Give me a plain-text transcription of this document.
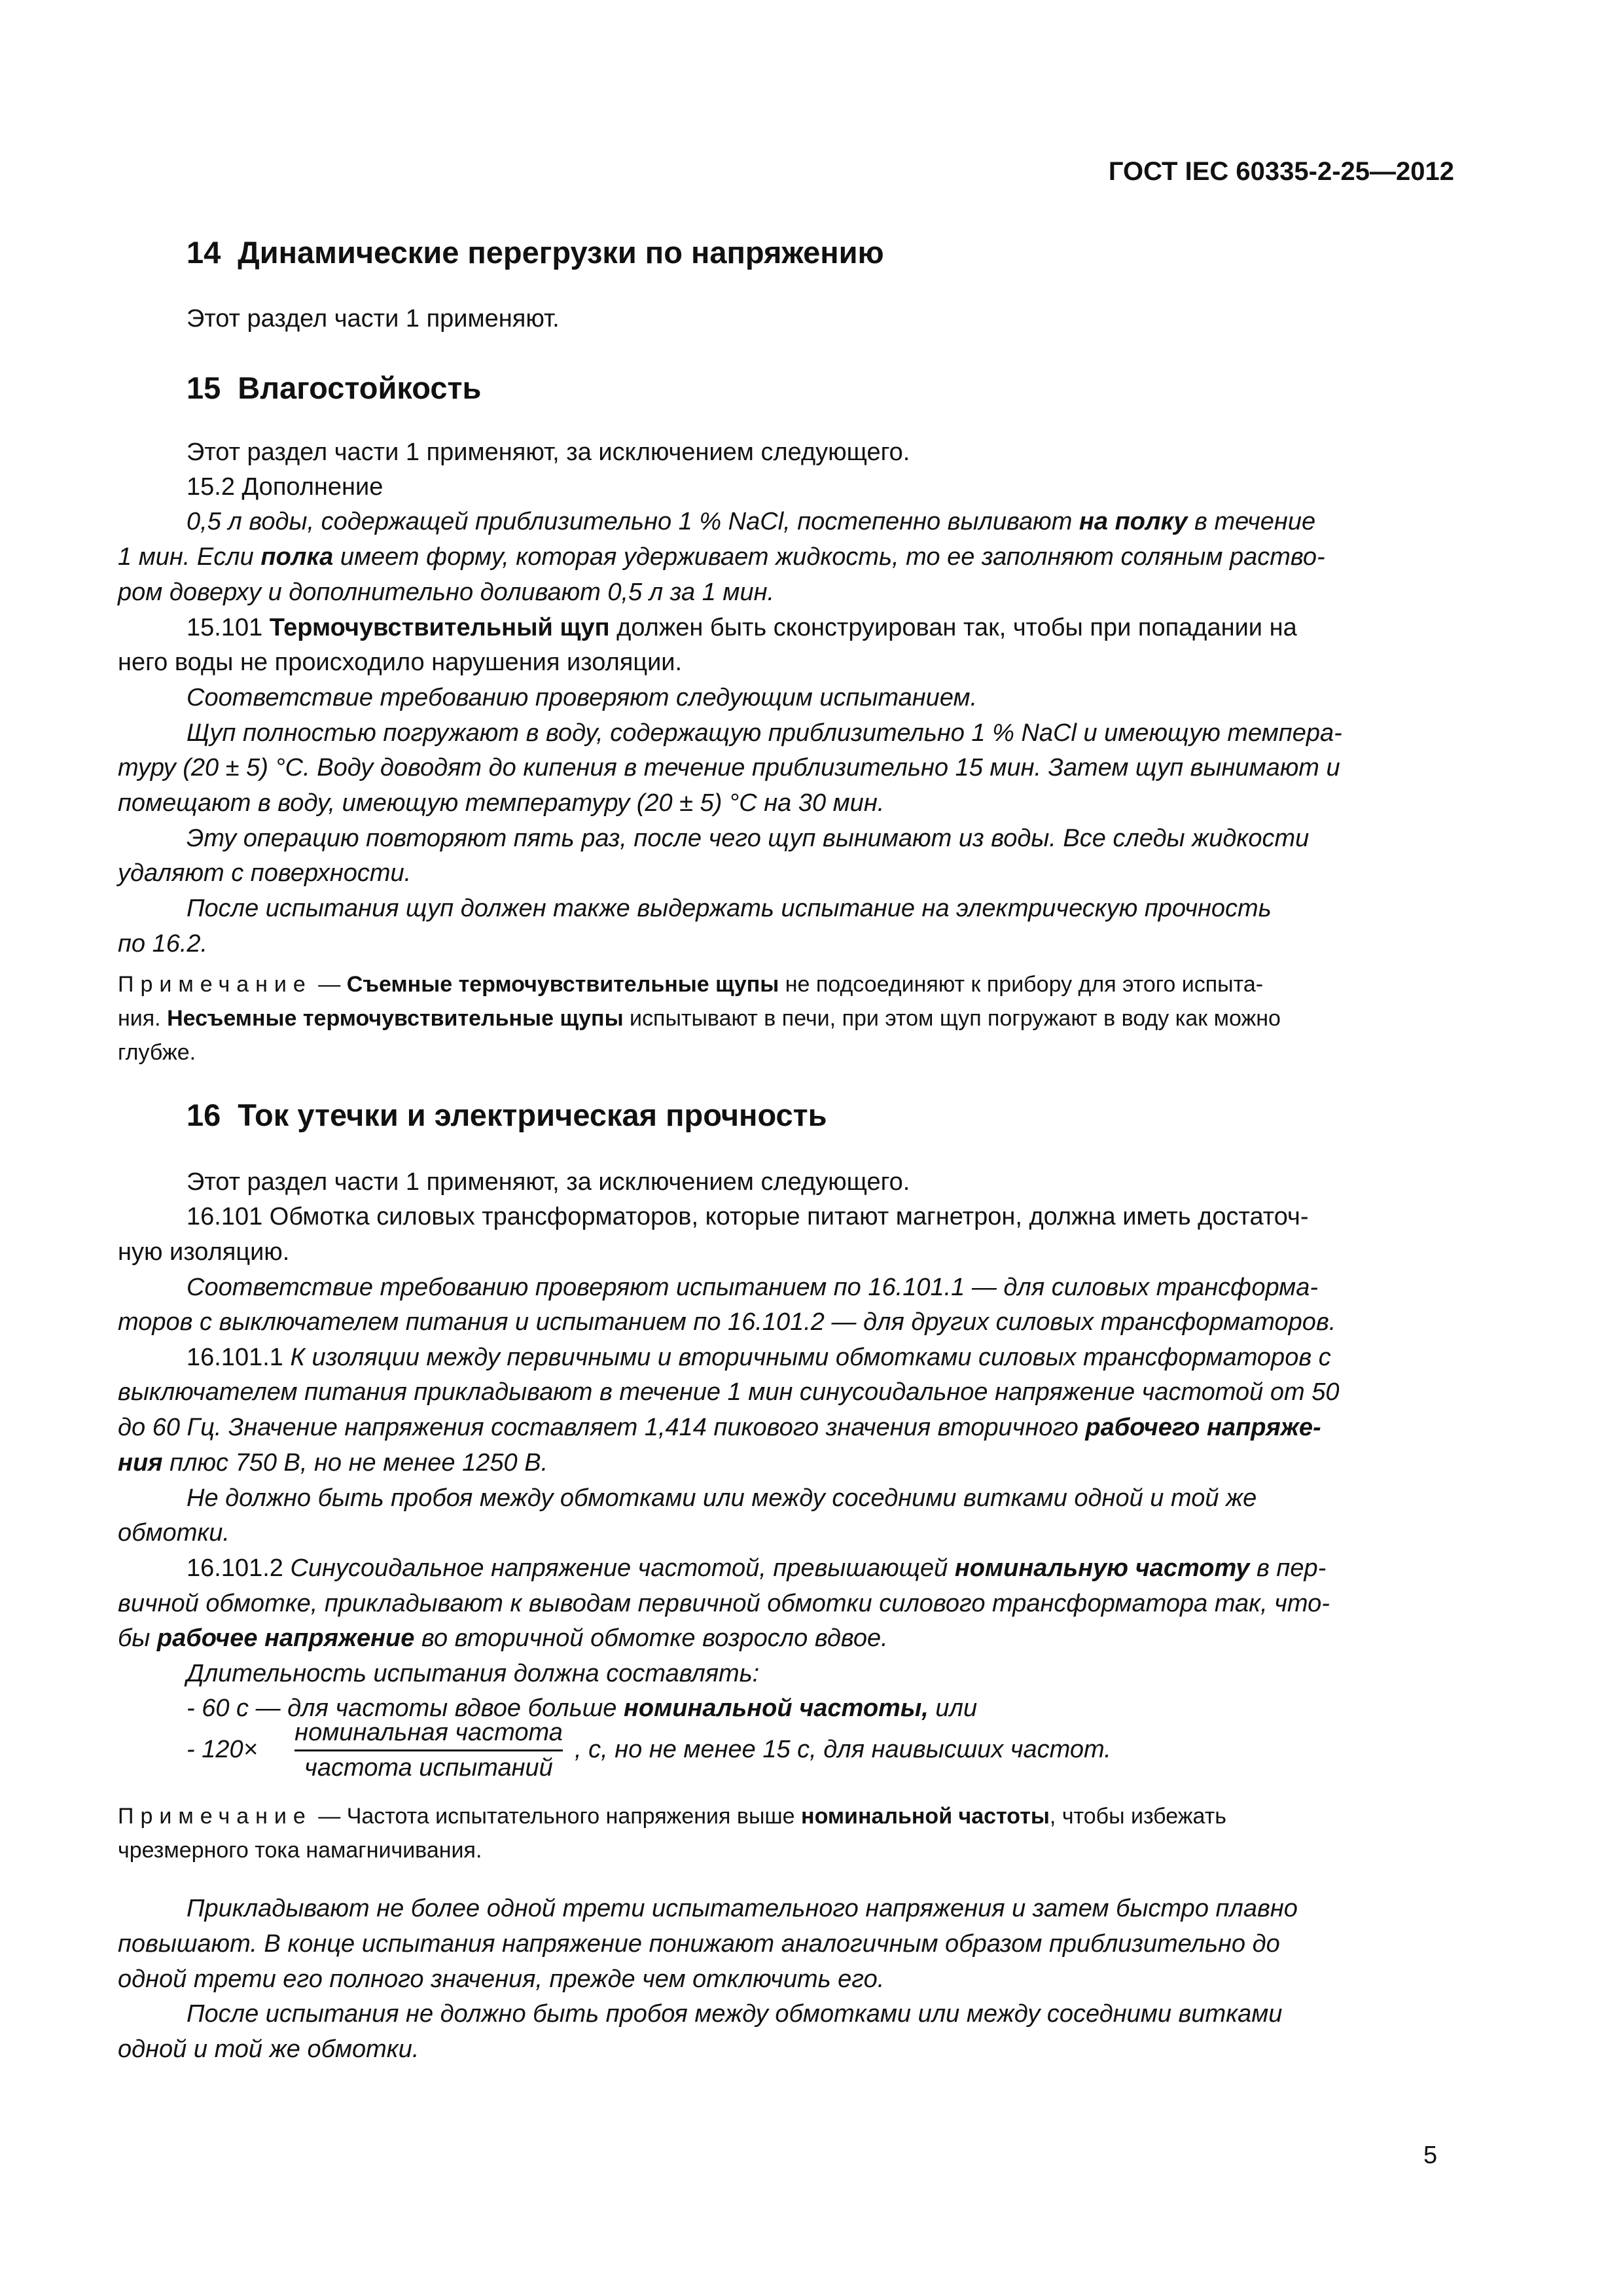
ГОСТ IEC 60335-2-25—2012
14 Динамические перегрузки по напряжению
Этот раздел части 1 применяют.
15 Влагостойкость
Этот раздел части 1 применяют, за исключением следующего.
15.2 Дополнение
0,5 л воды, содержащей приблизительно 1 % NaCl, постепенно выливают на полку в течение
1 мин. Если полка имеет форму, которая удерживает жидкость, то ее заполняют соляным раство-
ром доверху и дополнительно доливают 0,5 л за 1 мин.
15.101 Термочувствительный щуп должен быть сконструирован так, чтобы при попадании на
него воды не происходило нарушения изоляции.
Соответствие требованию проверяют следующим испытанием.
Щуп полностью погружают в воду, содержащую приблизительно 1 % NaCl и имеющую темпера-
туру (20 ± 5) °С. Воду доводят до кипения в течение приблизительно 15 мин. Затем щуп вынимают и
помещают в воду, имеющую температуру (20 ± 5) °С на 30 мин.
Эту операцию повторяют пять раз, после чего щуп вынимают из воды. Все следы жидкости
удаляют с поверхности.
После испытания щуп должен также выдержать испытание на электрическую прочность
по 16.2.
Примечание — Съемные термочувствительные щупы не подсоединяют к прибору для этого испыта-
ния. Несъемные термочувствительные щупы испытывают в печи, при этом щуп погружают в воду как можно
глубже.
16 Ток утечки и электрическая прочность
Этот раздел части 1 применяют, за исключением следующего.
16.101 Обмотка силовых трансформаторов, которые питают магнетрон, должна иметь достаточ-
ную изоляцию.
Соответствие требованию проверяют испытанием по 16.101.1 — для силовых трансформа-
торов с выключателем питания и испытанием по 16.101.2 — для других силовых трансформаторов.
16.101.1 К изоляции между первичными и вторичными обмотками силовых трансформаторов с
выключателем питания прикладывают в течение 1 мин синусоидальное напряжение частотой от 50
до 60 Гц. Значение напряжения составляет 1,414 пикового значения вторичного рабочего напряже-
ния плюс 750 В, но не менее 1250 В.
Не должно быть пробоя между обмотками или между соседними витками одной и той же
обмотки.
16.101.2 Синусоидальное напряжение частотой, превышающей номинальную частоту в пер-
вичной обмотке, прикладывают к выводам первичной обмотки силового трансформатора так, что-
бы рабочее напряжение во вторичной обмотке возросло вдвое.
Длительность испытания должна составлять:
- 60 с — для частоты вдвое больше номинальной частоты, или
- 120×
номинальная частота
частота испытаний
, с, но не менее 15 с, для наивысших частот.
Примечание — Частота испытательного напряжения выше номинальной частоты, чтобы избежать
чрезмерного тока намагничивания.
Прикладывают не более одной трети испытательного напряжения и затем быстро плавно
повышают. В конце испытания напряжение понижают аналогичным образом приблизительно до
одной трети его полного значения, прежде чем отключить его.
После испытания не должно быть пробоя между обмотками или между соседними витками
одной и той же обмотки.
5
